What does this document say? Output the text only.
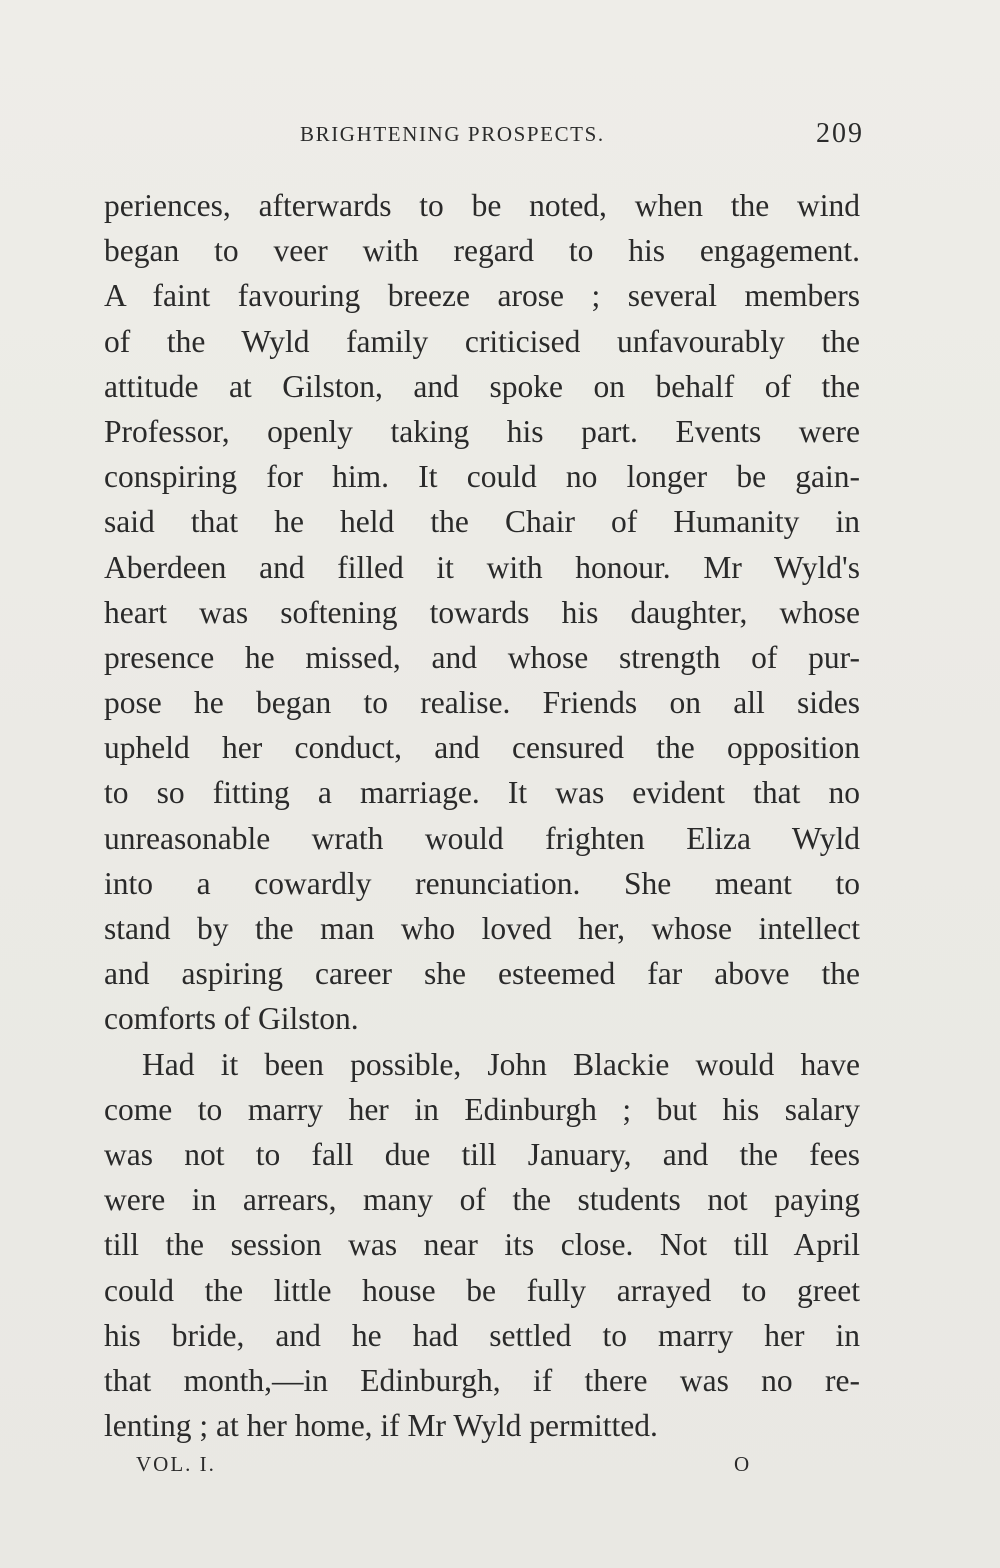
BRIGHTENING PROSPECTS.	209

periences, afterwards to be noted, when the wind
began to veer with regard to his engagement.
A faint favouring breeze arose ; several members
of the Wyld family criticised unfavourably the
attitude at Gilston, and spoke on behalf of the
Professor, openly taking his part. Events were
conspiring for him. It could no longer be gain-
said that he held the Chair of Humanity in
Aberdeen and filled it with honour. Mr Wyld's
heart was softening towards his daughter, whose
presence he missed, and whose strength of pur-
pose he began to realise. Friends on all sides
upheld her conduct, and censured the opposition
to so fitting a marriage. It was evident that no
unreasonable wrath would frighten Eliza Wyld
into a cowardly renunciation. She meant to
stand by the man who loved her, whose intellect
and aspiring career she esteemed far above the
comforts of Gilston.

Had it been possible, John Blackie would have
come to marry her in Edinburgh ; but his salary
was not to fall due till January, and the fees
were in arrears, many of the students not paying
till the session was near its close. Not till April
could the little house be fully arrayed to greet
his bride, and he had settled to marry her in
that month,—in Edinburgh, if there was no re-
lenting ; at her home, if Mr Wyld permitted.

VOL. I.	O
